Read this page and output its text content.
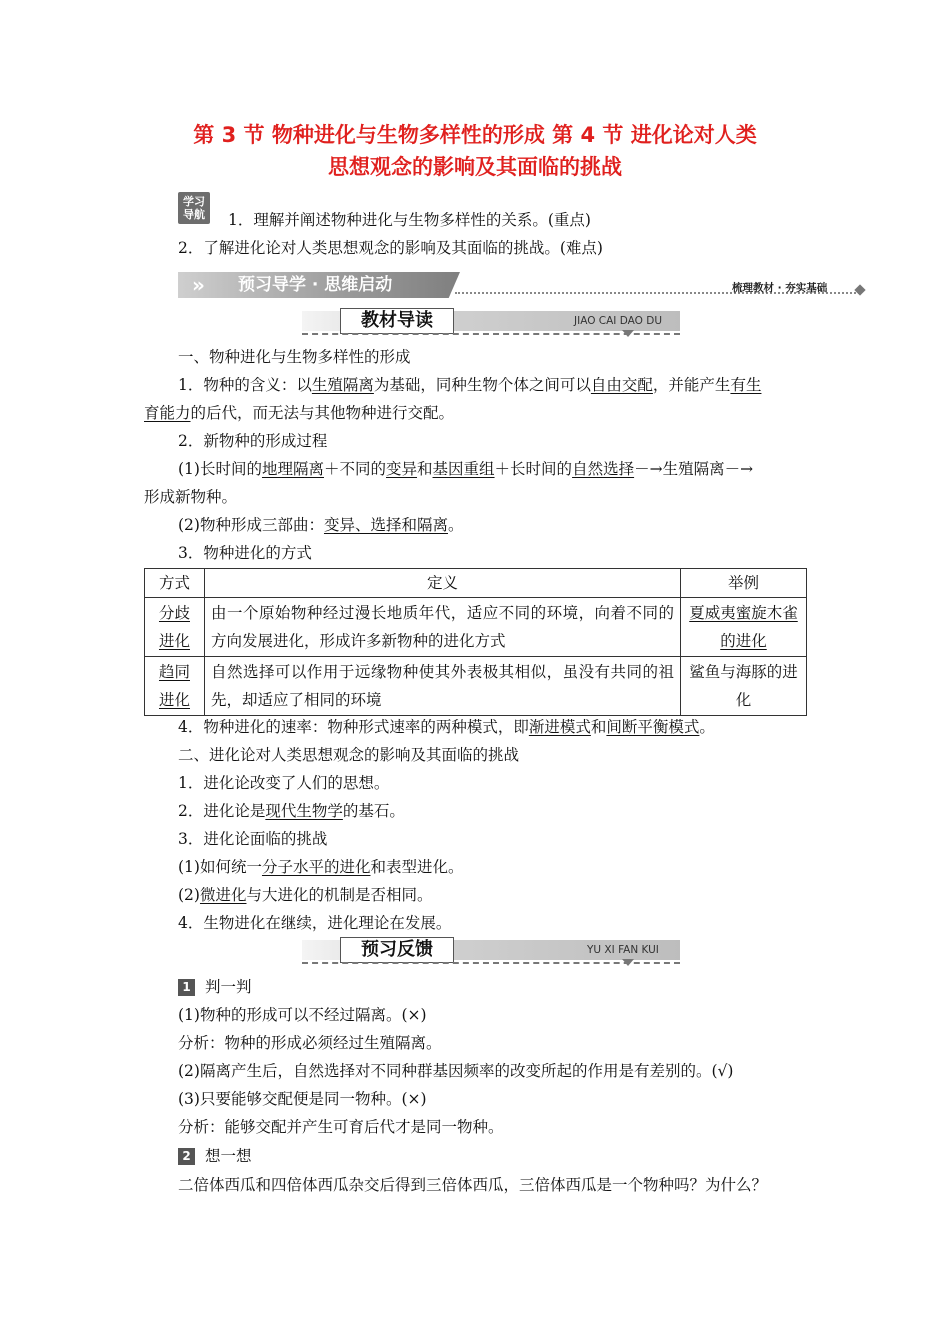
第 3 节 物种进化与生物多样性的形成 第 4 节 进化论对人类
思想观念的影响及其面临的挑战
学习
导航	1．理解并阐述物种进化与生物多样性的关系。(重点)
2．了解进化论对人类思想观念的影响及其面临的挑战。(难点)
» 预习导学 · 思维启动	梳理教材 · 夯实基础
教材导读	JIAO CAI DAO DU
一、物种进化与生物多样性的形成
1．物种的含义：以生殖隔离为基础，同种生物个体之间可以自由交配，并能产生有生
育能力的后代，而无法与其他物种进行交配。
2．新物种的形成过程
(1)长时间的地理隔离＋不同的变异和基因重组＋长时间的自然选择－→生殖隔离－→
形成新物种。
(2)物种形成三部曲：变异、选择和隔离。
3．物种进化的方式
方式	定义	举例
分歧进化	由一个原始物种经过漫长地质年代，适应不同的环境，向着不同的方向发展进化，形成许多新物种的进化方式	夏威夷蜜旋木雀的进化
趋同进化	自然选择可以作用于远缘物种使其外表极其相似，虽没有共同的祖先，却适应了相同的环境	鲨鱼与海豚的进化
4．物种进化的速率：物种形式速率的两种模式，即渐进模式和间断平衡模式。
二、进化论对人类思想观念的影响及其面临的挑战
1．进化论改变了人们的思想。
2．进化论是现代生物学的基石。
3．进化论面临的挑战
(1)如何统一分子水平的进化和表型进化。
(2)微进化与大进化的机制是否相同。
4．生物进化在继续，进化理论在发展。
预习反馈	YU XI FAN KUI
1 判一判
(1)物种的形成可以不经过隔离。(×)
分析：物种的形成必须经过生殖隔离。
(2)隔离产生后，自然选择对不同种群基因频率的改变所起的作用是有差别的。(√)
(3)只要能够交配便是同一物种。(×)
分析：能够交配并产生可育后代才是同一物种。
2 想一想
二倍体西瓜和四倍体西瓜杂交后得到三倍体西瓜，三倍体西瓜是一个物种吗？为什么？
